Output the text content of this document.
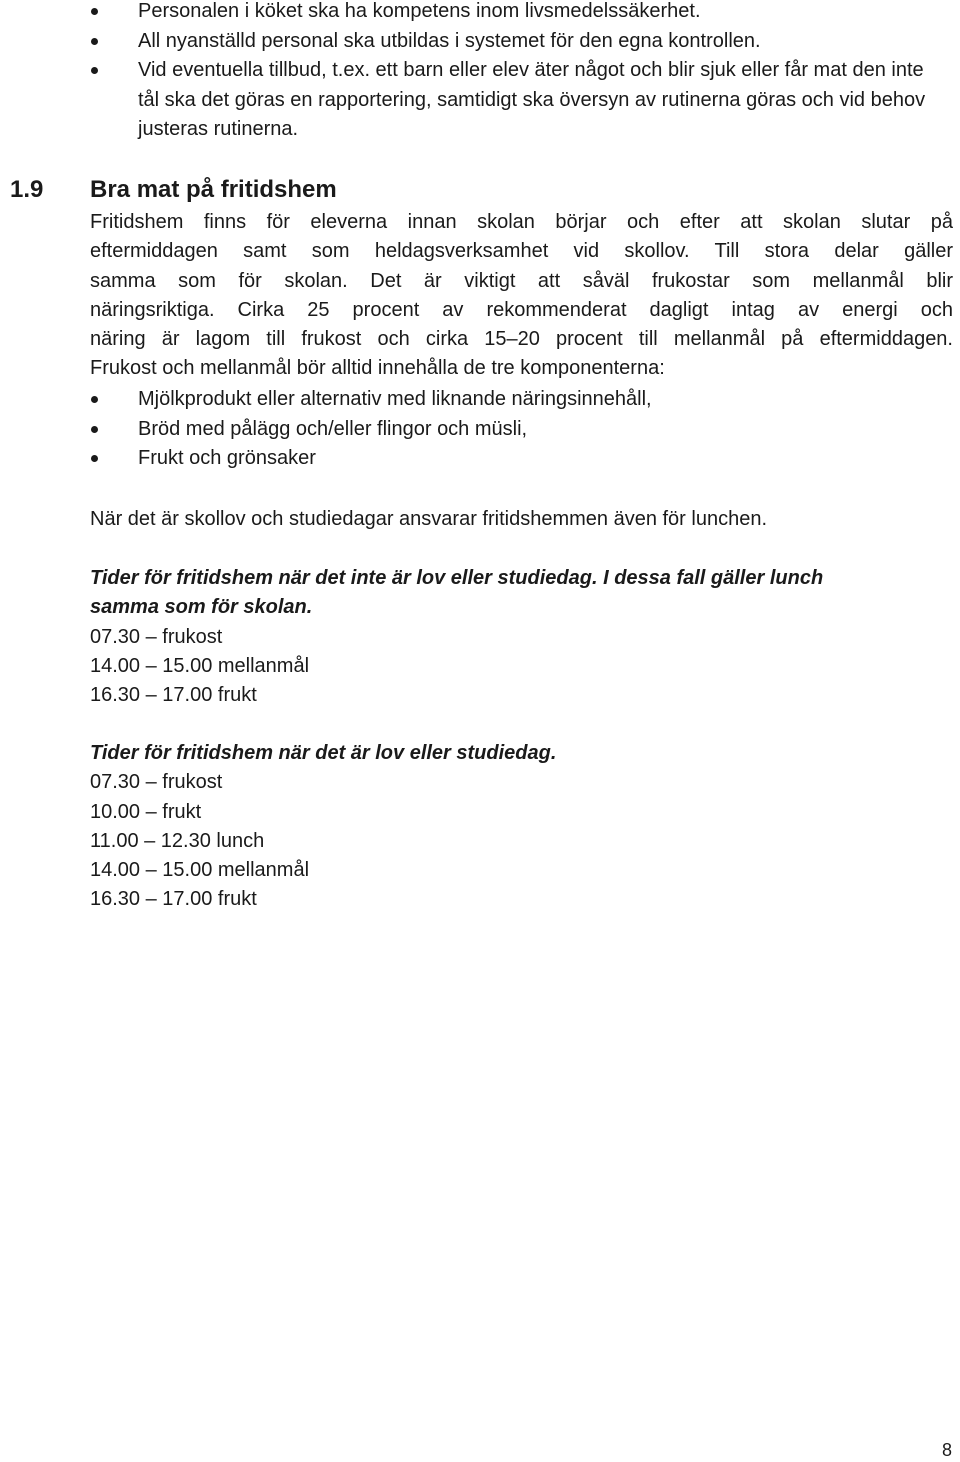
Personalen i köket ska ha kompetens inom livsmedelssäkerhet.
All nyanställd personal ska utbildas i systemet för den egna kontrollen.
Vid eventuella tillbud, t.ex. ett barn eller elev äter något och blir sjuk eller får mat den inte tål ska det göras en rapportering, samtidigt ska översyn av rutinerna göras och vid behov justeras rutinerna.
1.9 Bra mat på fritidshem
Fritidshem finns för eleverna innan skolan börjar och efter att skolan slutar på
eftermiddagen samt som heldagsverksamhet vid skollov. Till stora delar gäller
samma som för skolan. Det är viktigt att såväl frukostar som mellanmål blir
näringsriktiga. Cirka 25 procent av rekommenderat dagligt intag av energi och
näring är lagom till frukost och cirka 15–20 procent till mellanmål på eftermiddagen.
Frukost och mellanmål bör alltid innehålla de tre komponenterna:
Mjölkprodukt eller alternativ med liknande näringsinnehåll,
Bröd med pålägg och/eller flingor och müsli,
Frukt och grönsaker
När det är skollov och studiedagar ansvarar fritidshemmen även för lunchen.
Tider för fritidshem när det inte är lov eller studiedag. I dessa fall gäller lunch
samma som för skolan.
07.30 – frukost
14.00 – 15.00 mellanmål
16.30 – 17.00 frukt
Tider för fritidshem när det är lov eller studiedag.
07.30 – frukost
10.00 – frukt
11.00 – 12.30 lunch
14.00 – 15.00 mellanmål
16.30 – 17.00 frukt
8
